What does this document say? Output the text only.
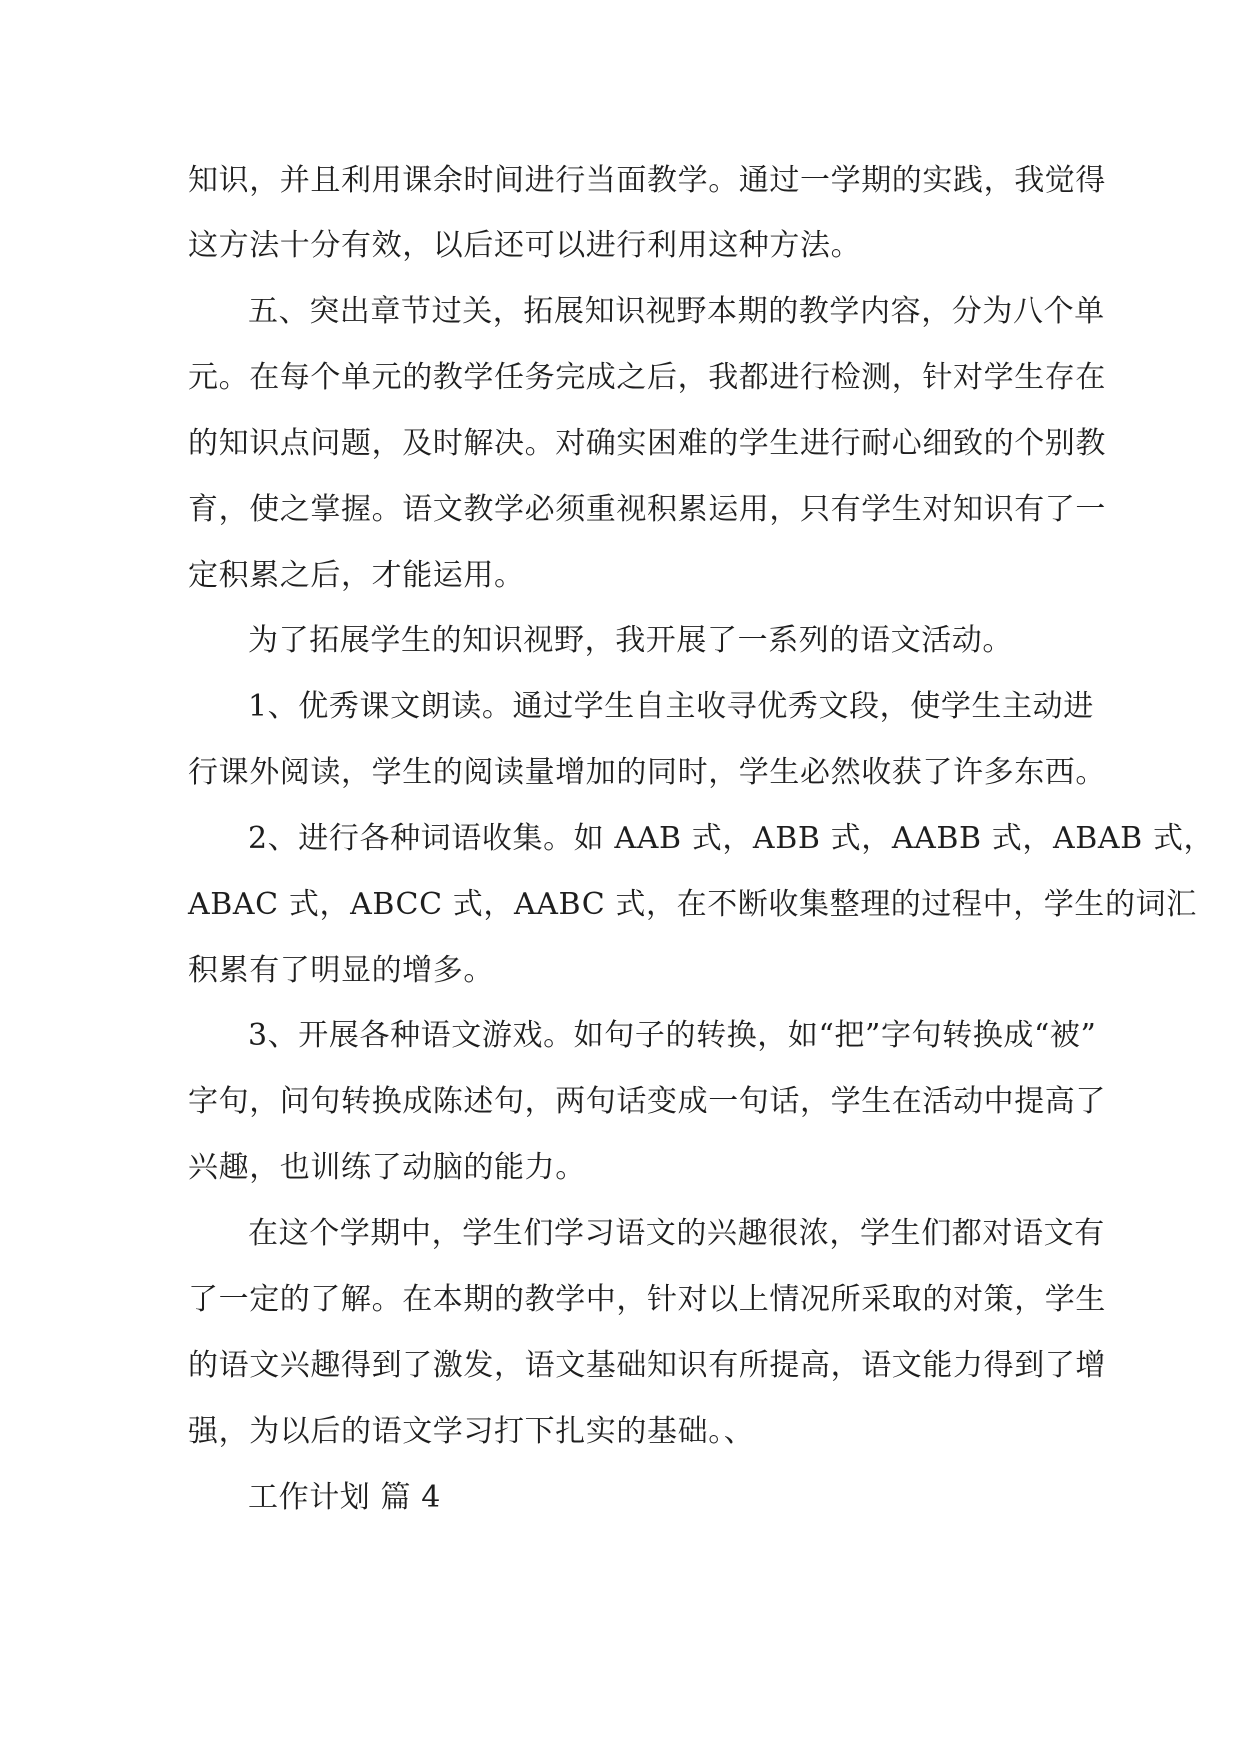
知识，并且利用课余时间进行当面教学。通过一学期的实践，我觉得
这方法十分有效，以后还可以进行利用这种方法。
五、突出章节过关，拓展知识视野本期的教学内容，分为八个单
元。在每个单元的教学任务完成之后，我都进行检测，针对学生存在
的知识点问题，及时解决。对确实困难的学生进行耐心细致的个别教
育，使之掌握。语文教学必须重视积累运用，只有学生对知识有了一
定积累之后，才能运用。
为了拓展学生的知识视野，我开展了一系列的语文活动。
1、优秀课文朗读。通过学生自主收寻优秀文段，使学生主动进
行课外阅读，学生的阅读量增加的同时，学生必然收获了许多东西。
2、进行各种词语收集。如 AAB 式，ABB 式，AABB 式，ABAB 式，
ABAC 式，ABCC 式，AABC 式，在不断收集整理的过程中，学生的词汇
积累有了明显的增多。
3、开展各种语文游戏。如句子的转换，如“把”字句转换成“被”
字句，问句转换成陈述句，两句话变成一句话，学生在活动中提高了
兴趣，也训练了动脑的能力。
在这个学期中，学生们学习语文的兴趣很浓，学生们都对语文有
了一定的了解。在本期的教学中，针对以上情况所采取的对策，学生
的语文兴趣得到了激发，语文基础知识有所提高，语文能力得到了增
强，为以后的语文学习打下扎实的基础。、
工作计划 篇 4
